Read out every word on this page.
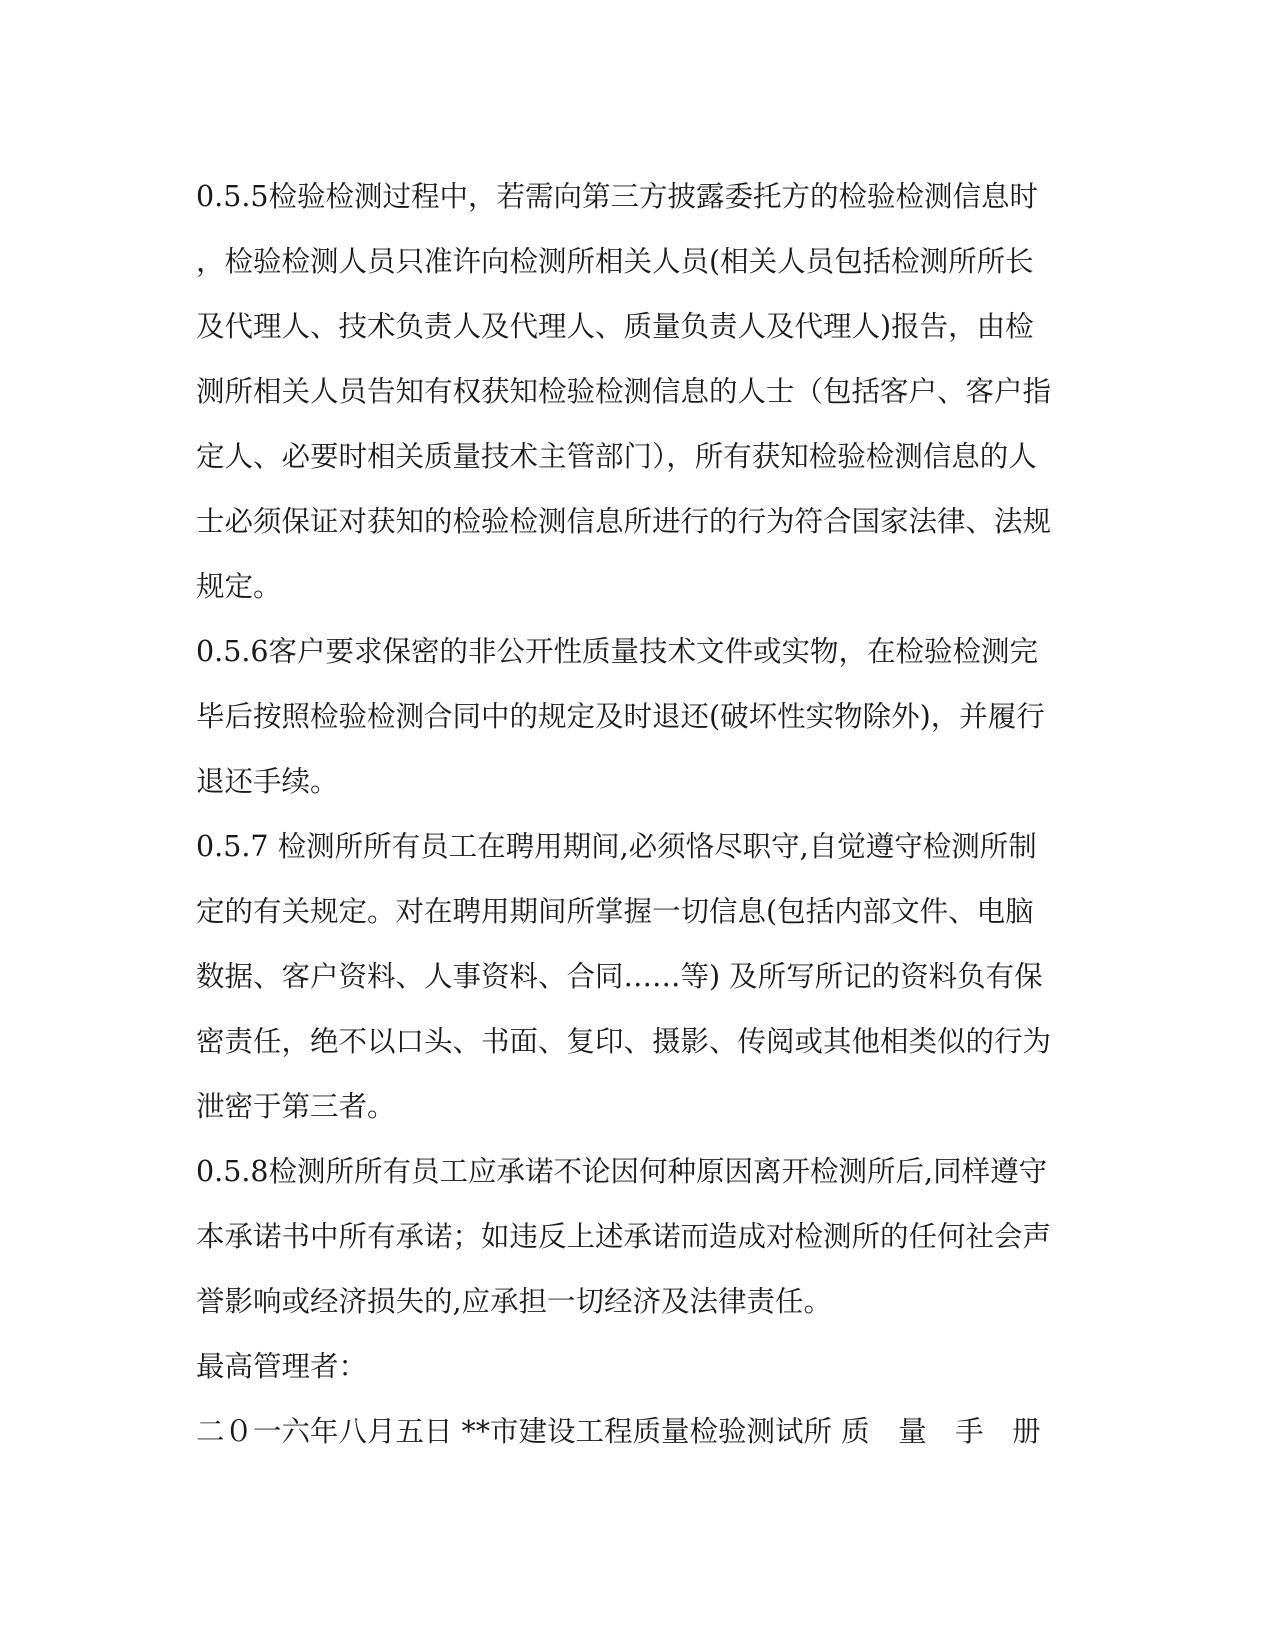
0.5.5检验检测过程中，若需向第三方披露委托方的检验检测信息时
，检验检测人员只准许向检测所相关人员(相关人员包括检测所所长
及代理人、技术负责人及代理人、质量负责人及代理人)报告，由检
测所相关人员告知有权获知检验检测信息的人士（包括客户、客户指
定人、必要时相关质量技术主管部门），所有获知检验检测信息的人
士必须保证对获知的检验检测信息所进行的行为符合国家法律、法规
规定。
0.5.6客户要求保密的非公开性质量技术文件或实物，在检验检测完
毕后按照检验检测合同中的规定及时退还(破坏性实物除外)，并履行
退还手续。
0.5.7 检测所所有员工在聘用期间,必须恪尽职守,自觉遵守检测所制
定的有关规定。对在聘用期间所掌握一切信息(包括内部文件、电脑
数据、客户资料、人事资料、合同……等) 及所写所记的资料负有保
密责任，绝不以口头、书面、复印、摄影、传阅或其他相类似的行为
泄密于第三者。
0.5.8检测所所有员工应承诺不论因何种原因离开检测所后,同样遵守
本承诺书中所有承诺；如违反上述承诺而造成对检测所的任何社会声
誉影响或经济损失的,应承担一切经济及法律责任。
最高管理者：
二０一六年八月五日 **市建设工程质量检验测试所 质　量　手　册
